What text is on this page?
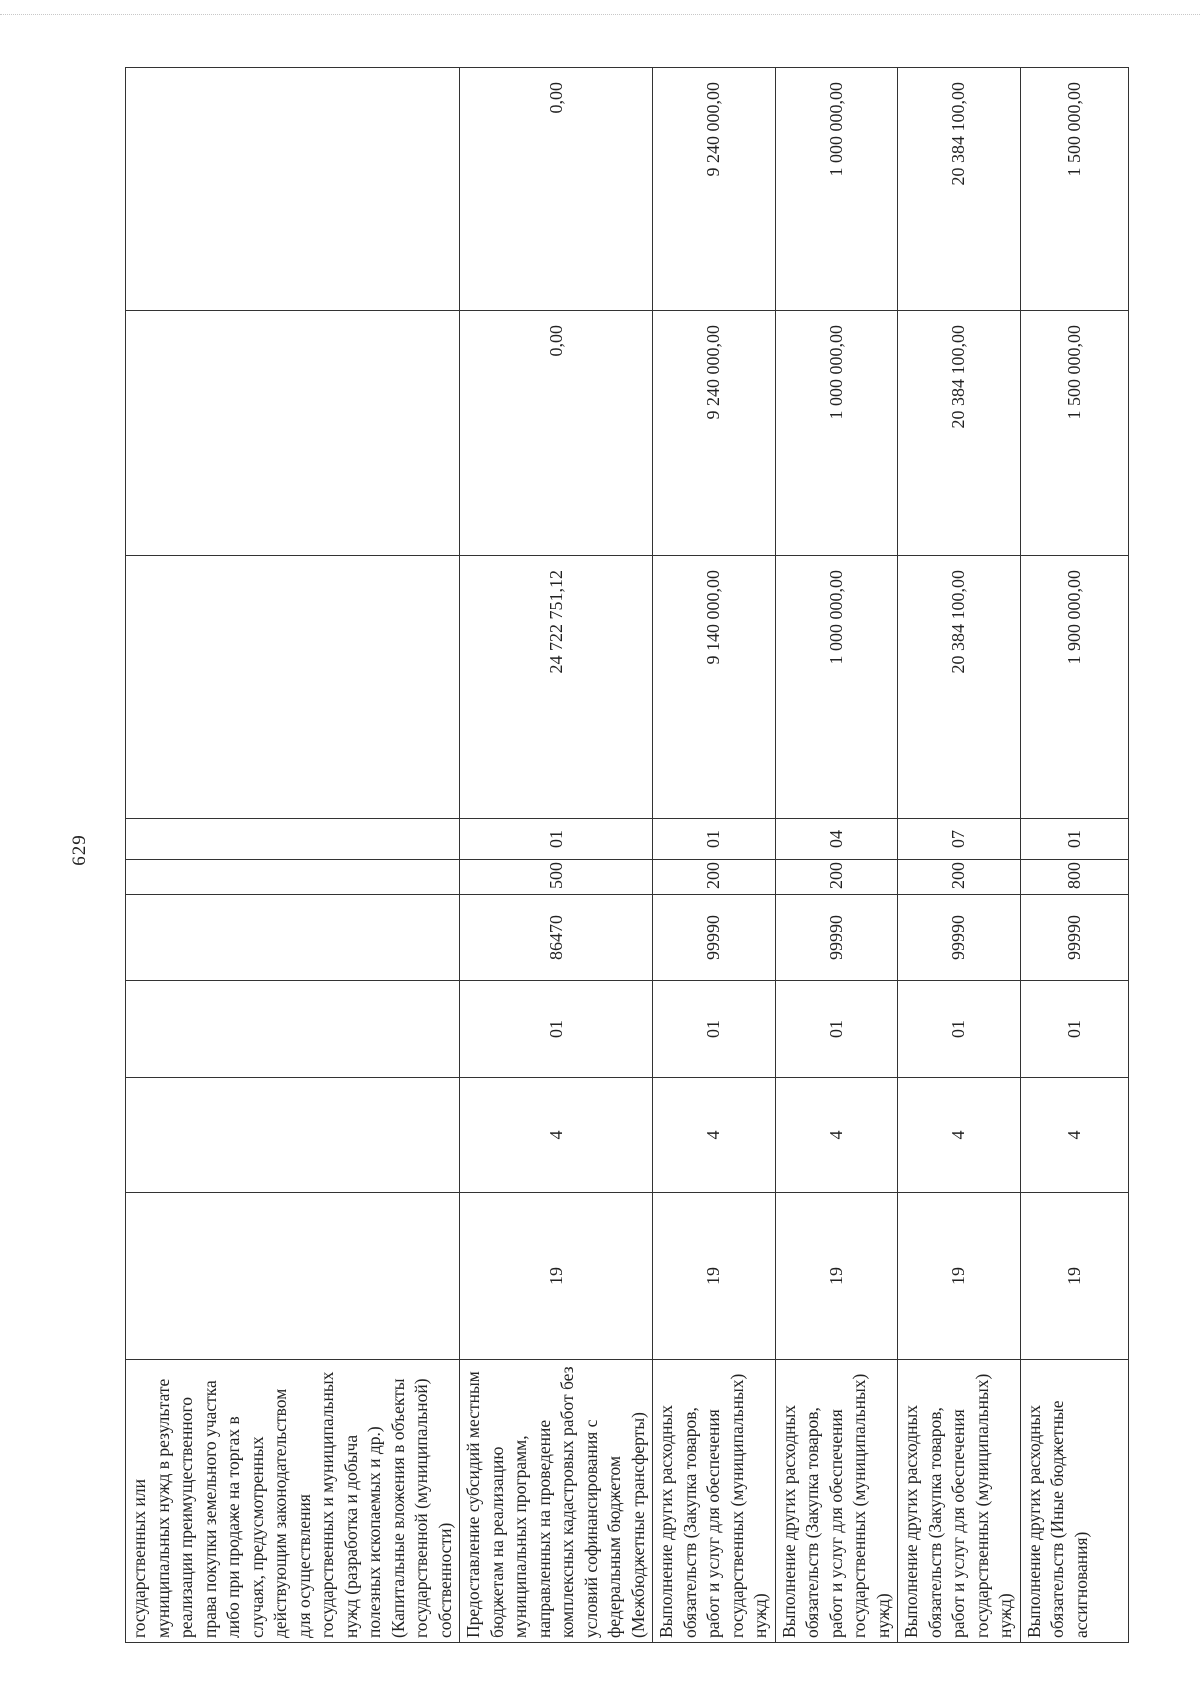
629
государственных или муниципальных нужд в результате реализации преимущественного права покупки земельного участка либо при продаже на торгах в случаях, предусмотренных действующим законодательством для осуществления государственных и муниципальных нужд (разработка и добыча полезных ископаемых и др.) (Капитальные вложения в объекты государственной (муниципальной) собственности)									
Предоставление субсидий местным бюджетам на реализацию муниципальных программ, направленных на проведение комплексных кадастровых работ без условий софинансирования с федеральным бюджетом (Межбюджетные трансферты)	19	4	01	86470	500	01	24 722 751,12	0,00	0,00
Выполнение других расходных обязательств (Закупка товаров, работ и услуг для обеспечения государственных (муниципальных) нужд)	19	4	01	99990	200	01	9 140 000,00	9 240 000,00	9 240 000,00
Выполнение других расходных обязательств (Закупка товаров, работ и услуг для обеспечения государственных (муниципальных) нужд)	19	4	01	99990	200	04	1 000 000,00	1 000 000,00	1 000 000,00
Выполнение других расходных обязательств (Закупка товаров, работ и услуг для обеспечения государственных (муниципальных) нужд)	19	4	01	99990	200	07	20 384 100,00	20 384 100,00	20 384 100,00
Выполнение других расходных обязательств (Иные бюджетные ассигнования)	19	4	01	99990	800	01	1 900 000,00	1 500 000,00	1 500 000,00
